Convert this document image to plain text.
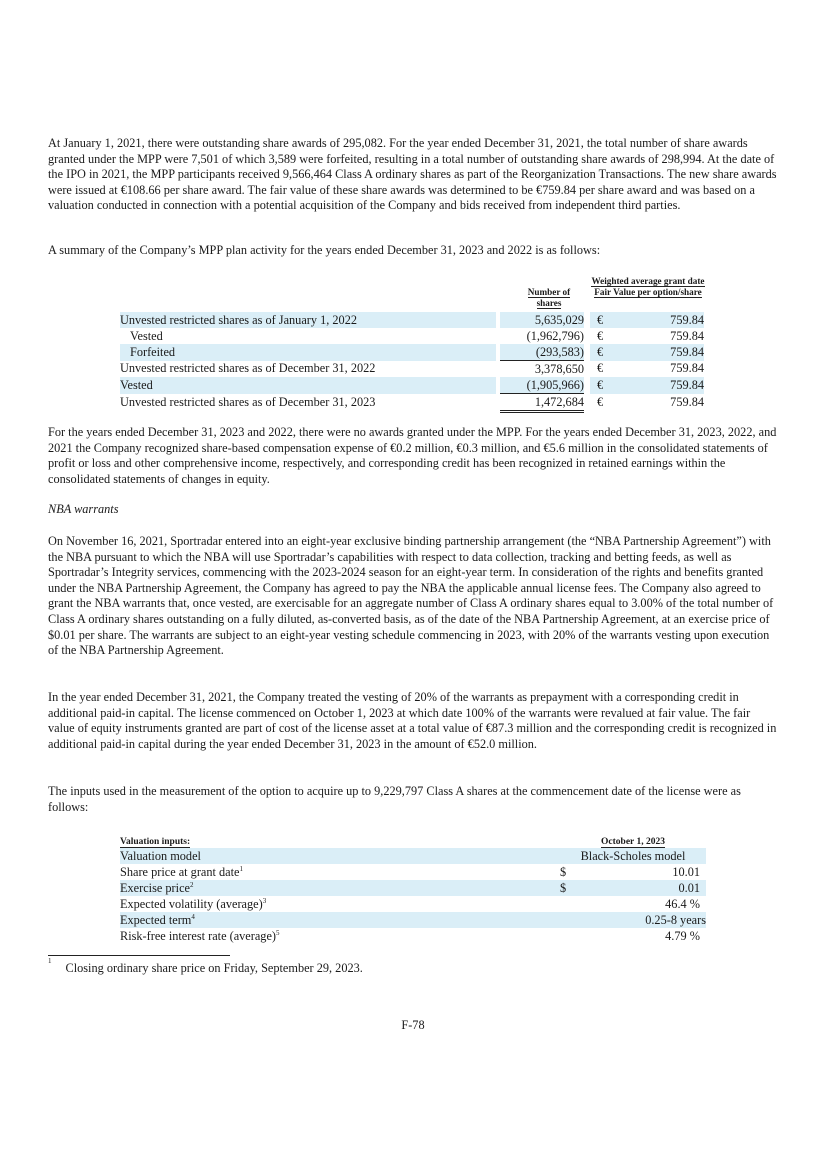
At January 1, 2021, there were outstanding share awards of 295,082. For the year ended December 31, 2021, the total number of share awards granted under the MPP were 7,501 of which 3,589 were forfeited, resulting in a total number of outstanding share awards of 298,994. At the date of the IPO in 2021, the MPP participants received 9,566,464 Class A ordinary shares as part of the Reorganization Transactions. The new share awards were issued at €108.66 per share award. The fair value of these share awards was determined to be €759.84 per share award and was based on a valuation conducted in connection with a potential acquisition of the Company and bids received from independent third parties.

A summary of the Company’s MPP plan activity for the years ended December 31, 2023 and 2022 is as follows:

Number of shares
Weighted average grant date Fair Value per option/share
Unvested restricted shares as of January 1, 2022		5,635,029		€	759.84
Vested		(1,962,796)		€	759.84
Forfeited		(293,583)		€	759.84
Unvested restricted shares as of December 31, 2022		3,378,650		€	759.84
Vested		(1,905,966)		€	759.84
Unvested restricted shares as of December 31, 2023		1,472,684		€	759.84

For the years ended December 31, 2023 and 2022, there were no awards granted under the MPP. For the years ended December 31, 2023, 2022, and 2021 the Company recognized share-based compensation expense of €0.2 million, €0.3 million, and €5.6 million in the consolidated statements of profit or loss and other comprehensive income, respectively, and corresponding credit has been recognized in retained earnings within the consolidated statements of changes in equity.

NBA warrants

On November 16, 2021, Sportradar entered into an eight-year exclusive binding partnership arrangement (the “NBA Partnership Agreement”) with the NBA pursuant to which the NBA will use Sportradar’s capabilities with respect to data collection, tracking and betting feeds, as well as Sportradar’s Integrity services, commencing with the 2023-2024 season for an eight-year term. In consideration of the rights and benefits granted under the NBA Partnership Agreement, the Company has agreed to pay the NBA the applicable annual license fees. The Company also agreed to grant the NBA warrants that, once vested, are exercisable for an aggregate number of Class A ordinary shares equal to 3.00% of the total number of Class A ordinary shares outstanding on a fully diluted, as-converted basis, as of the date of the NBA Partnership Agreement, at an exercise price of $0.01 per share. The warrants are subject to an eight-year vesting schedule commencing in 2023, with 20% of the warrants vesting upon execution of the NBA Partnership Agreement.

In the year ended December 31, 2021, the Company treated the vesting of 20% of the warrants as prepayment with a corresponding credit in additional paid-in capital. The license commenced on October 1, 2023 at which date 100% of the warrants were revalued at fair value. The fair value of equity instruments granted are part of cost of the license asset at a total value of €87.3 million and the corresponding credit is recognized in additional paid-in capital during the year ended December 31, 2023 in the amount of €52.0 million.

The inputs used in the measurement of the option to acquire up to 9,229,797 Class A shares at the commencement date of the license were as follows:

Valuation inputs:	October 1, 2023	
Valuation model	Black-Scholes model	
Share price at grant date$^1$	$	10.01
Exercise price$^2$	$	0.01
Expected volatility (average)$^3$		46.4 %
Expected term$^4$		0.25-8 years
Risk-free interest rate (average)$^5$		4.79 %
$^1$ Closing ordinary share price on Friday, September 29, 2023.
F-78
